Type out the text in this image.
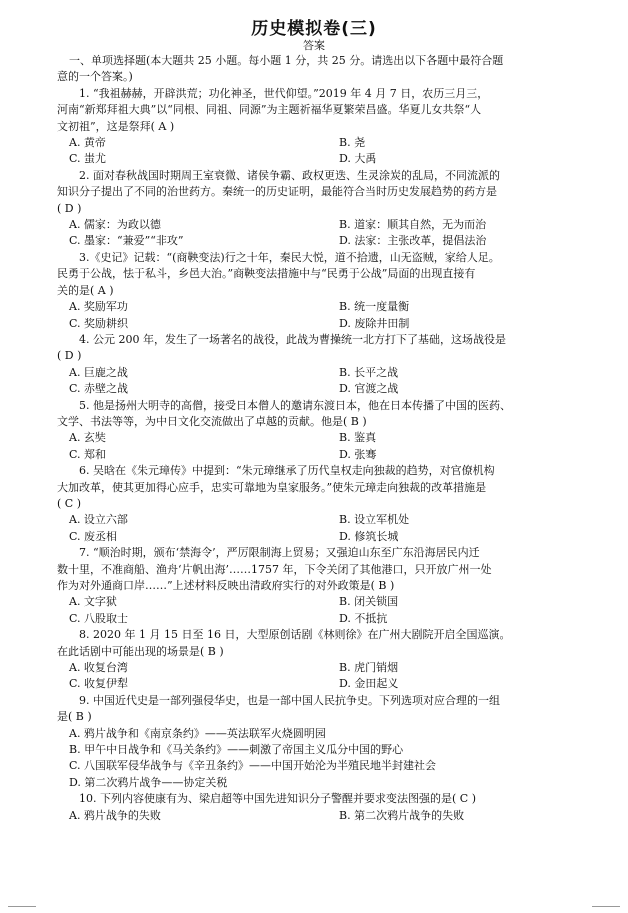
历史模拟卷(三)
答案

一、单项选择题(本大题共 25 小题。每小题 1 分，共 25 分。请选出以下各题中最符合题

意的一个答案。)

1. “我祖赫赫，开辟洪荒；功化神圣，世代仰望。”2019 年 4 月 7 日，农历三月三，

河南“新郑拜祖大典”以“同根、同祖、同源”为主题祈福华夏繁荣昌盛。华夏儿女共祭“人

文初祖”，这是祭拜( A )

A. 黄帝	B. 尧
C. 蚩尤	D. 大禹

2. 面对春秋战国时期周王室衰微、诸侯争霸、政权更迭、生灵涂炭的乱局，不同流派的

知识分子提出了不同的治世药方。秦统一的历史证明，最能符合当时历史发展趋势的药方是

( D )

A. 儒家：为政以德	B. 道家：顺其自然，无为而治
C. 墨家：“兼爱”“非攻”	D. 法家：主张改革，提倡法治

3.《史记》记载：“(商鞅变法)行之十年，秦民大悦，道不拾遗，山无盗贼，家给人足。

民勇于公战，怯于私斗，乡邑大治。”商鞅变法措施中与“民勇于公战”局面的出现直接有

关的是( A )

A. 奖励军功	B. 统一度量衡
C. 奖励耕织	D. 废除井田制

4. 公元 200 年，发生了一场著名的战役，此战为曹操统一北方打下了基础，这场战役是

( D )

A. 巨鹿之战	B. 长平之战
C. 赤壁之战	D. 官渡之战

5. 他是扬州大明寺的高僧，接受日本僧人的邀请东渡日本，他在日本传播了中国的医药、

文学、书法等等，为中日文化交流做出了卓越的贡献。他是( B )

A. 玄奘	B. 鉴真
C. 郑和	D. 张骞

6. 吴晗在《朱元璋传》中提到：“朱元璋继承了历代皇权走向独裁的趋势，对官僚机构

大加改革，使其更加得心应手，忠实可靠地为皇家服务。”使朱元璋走向独裁的改革措施是

( C )

A. 设立六部	B. 设立军机处
C. 废丞相	D. 修筑长城

7. “顺治时期，颁布‘禁海令’，严厉限制海上贸易；又强迫山东至广东沿海居民内迁

数十里，不准商船、渔舟‘片帆出海’……1757 年，下令关闭了其他港口，只开放广州一处

作为对外通商口岸……”上述材料反映出清政府实行的对外政策是( B )

A. 文字狱	B. 闭关锁国
C. 八股取士	D. 不抵抗

8. 2020 年 1 月 15 日至 16 日，大型原创话剧《林则徐》在广州大剧院开启全国巡演。

在此话剧中可能出现的场景是( B )

A. 收复台湾	B. 虎门销烟
C. 收复伊犁	D. 金田起义

9. 中国近代史是一部列强侵华史，也是一部中国人民抗争史。下列选项对应合理的一组

是( B )

A. 鸦片战争和《南京条约》——英法联军火烧圆明园
B. 甲午中日战争和《马关条约》——刺激了帝国主义瓜分中国的野心
C. 八国联军侵华战争与《辛丑条约》——中国开始沦为半殖民地半封建社会
D. 第二次鸦片战争——协定关税

10. 下列内容使康有为、梁启超等中国先进知识分子警醒并要求变法图强的是( C )

A. 鸦片战争的失败	B. 第二次鸦片战争的失败
